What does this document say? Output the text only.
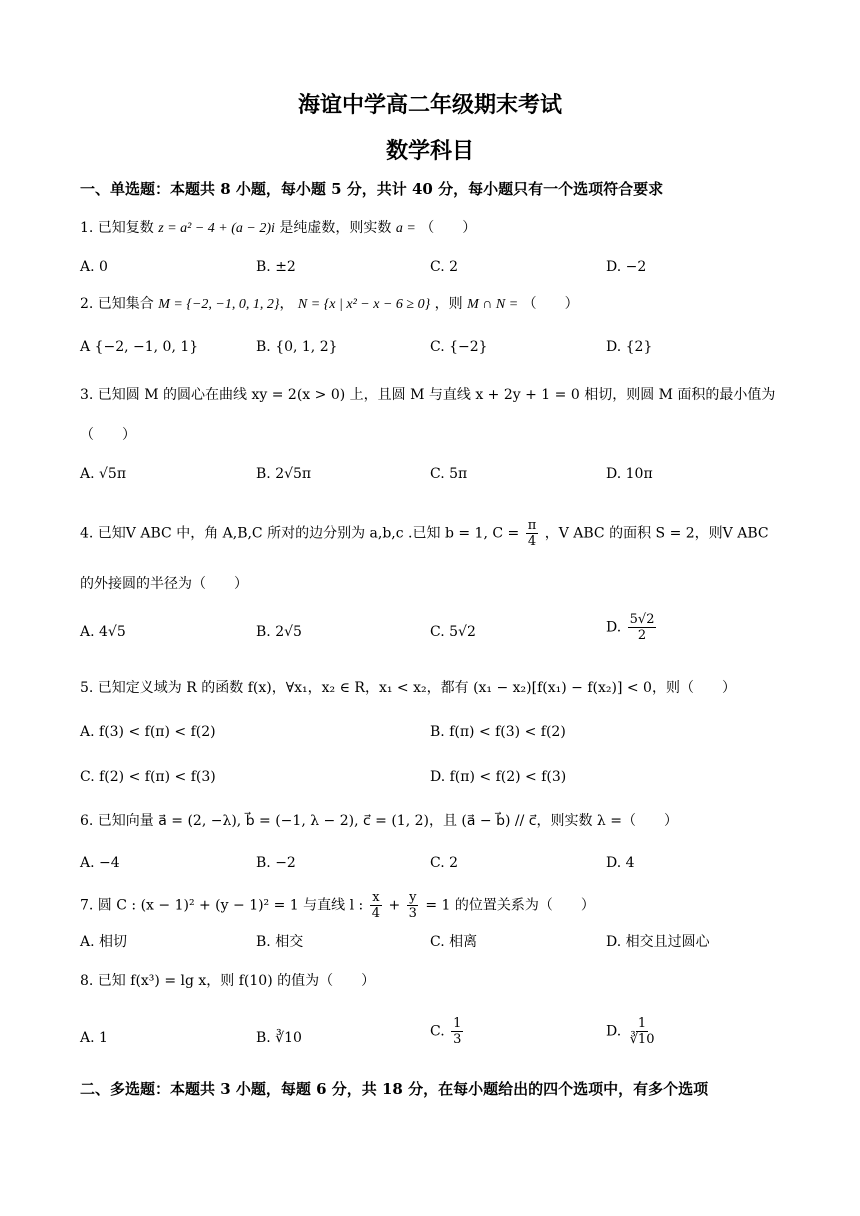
海谊中学高二年级期末考试
数学科目
一、单选题：本题共 8 小题，每小题 5 分，共计 40 分，每小题只有一个选项符合要求
1. 已知复数 z = a² − 4 + (a − 2)i 是纯虚数，则实数 a = （　　）
A. 0	B. ±2	C. 2	D. −2
2. 已知集合 M = {−2, −1, 0, 1, 2}， N = {x | x² − x − 6 ≥ 0} ，则 M ∩ N = （　　）
A {−2, −1, 0, 1}	B. {0, 1, 2}	C. {−2}	D. {2}
3. 已知圆 M 的圆心在曲线 xy = 2(x > 0) 上，且圆 M 与直线 x + 2y + 1 = 0 相切，则圆 M 面积的最小值为
（　　）
A. √5π	B. 2√5π	C. 5π	D. 10π
4. 已知V ABC 中，角 A,B,C 所对的边分别为 a,b,c .已知 b = 1, $C = \frac{\pi}{4}$ ，V ABC 的面积 S = 2，则V ABC
的外接圆的半径为（　　）
A. 4√5	B. 2√5	C. 5√2	D. $\frac{5√2}{2}$
5. 已知定义域为 R 的函数 f(x)，∀x₁，x₂ ∈ R，x₁ < x₂，都有 (x₁ − x₂)[f(x₁) − f(x₂)] < 0，则（　　）
A. f(3) < f(π) < f(2)	B. f(π) < f(3) < f(2)
C. f(2) < f(π) < f(3)	D. f(π) < f(2) < f(3)
6. 已知向量 a⃗ = (2, −λ), b⃗ = (−1, λ − 2), c⃗ = (1, 2)，且 (a⃗ − b⃗) // c⃗，则实数 λ =（　　）
A. −4	B. −2	C. 2	D. 4
7. 圆 C : (x − 1)² + (y − 1)² = 1 与直线 l : $\frac{x}{4} + \frac{y}{3} = 1$ 的位置关系为（　　）
A. 相切	B. 相交	C. 相离	D. 相交且过圆心
8. 已知 f(x³) = lg x，则 f(10) 的值为（　　）
A. 1	B. ∛10	C. $\frac{1}{3}$	D. $\frac{1}{∛10}$
二、多选题：本题共 3 小题，每题 6 分，共 18 分，在每小题给出的四个选项中，有多个选项
